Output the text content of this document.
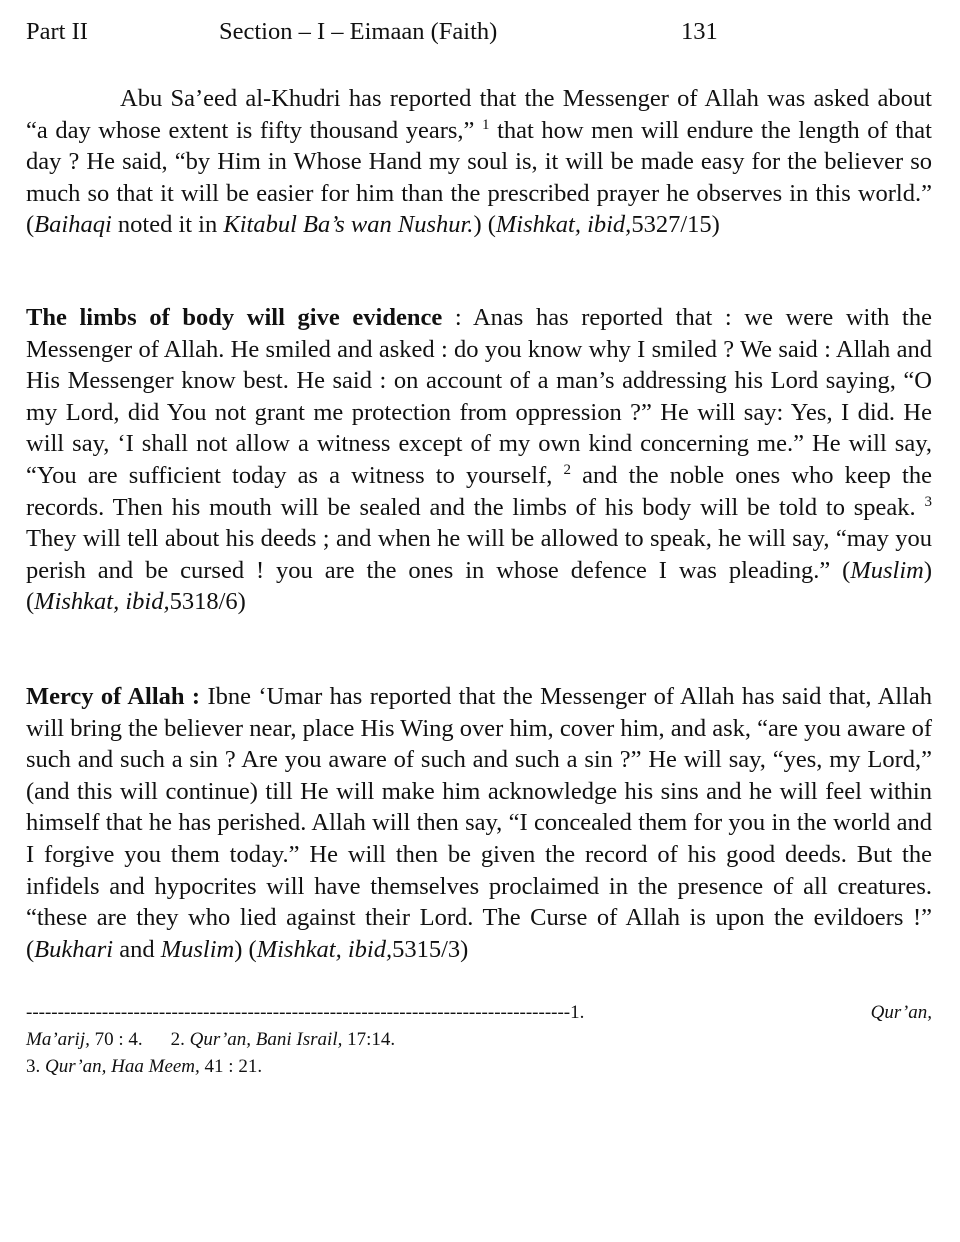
Part II	Section – I – Eimaan (Faith)	131

Abu Sa’eed al-Khudri has reported that the Messenger of Allah was asked about “a day whose extent is fifty thousand years,” $^1$ that how men will endure the length of that day ? He said, “by Him in Whose Hand my soul is, it will be made easy for the believer so much so that it will be easier for him than the prescribed prayer he observes in this world.” (Baihaqi noted it in Kitabul Ba’s wan Nushur.) (Mishkat, ibid,5327/15)

The limbs of body will give evidence : Anas has reported that : we were with the Messenger of Allah. He smiled and asked : do you know why I smiled ? We said : Allah and His Messenger know best. He said : on account of a man’s addressing his Lord saying, “O my Lord, did You not grant me protection from oppression ?” He will say: Yes, I did. He will say, ‘I shall not allow a witness except of my own kind concerning me.” He will say, “You are sufficient today as a witness to yourself, $^2$ and the noble ones who keep the records. Then his mouth will be sealed and the limbs of his body will be told to speak. $^3$ They will tell about his deeds ; and when he will be allowed to speak, he will say, “may you perish and be cursed ! you are the ones in whose defence I was pleading.” (Muslim) (Mishkat, ibid,5318/6)

Mercy of Allah : Ibne ‘Umar has reported that the Messenger of Allah has said that, Allah will bring the believer near, place His Wing over him, cover him, and ask, “are you aware of such and such a sin ? Are you aware of such and such a sin ?” He will say, “yes, my Lord,” (and this will continue) till He will make him acknowledge his sins and he will feel within himself that he has perished. Allah will then say, “I concealed them for you in the world and I forgive you them today.” He will then be given the record of his good deeds. But the infidels and hypocrites will have themselves proclaimed in the presence of all creatures. “these are they who lied against their Lord. The Curse of Allah is upon the evildoers !” (Bukhari and Muslim) (Mishkat, ibid,5315/3)

--------------------------------------------------------------------------------------1.	Qur’an,
Ma’arij, 70 : 4. 2. Qur’an, Bani Israil, 17:14.
3. Qur’an, Haa Meem, 41 : 21.
